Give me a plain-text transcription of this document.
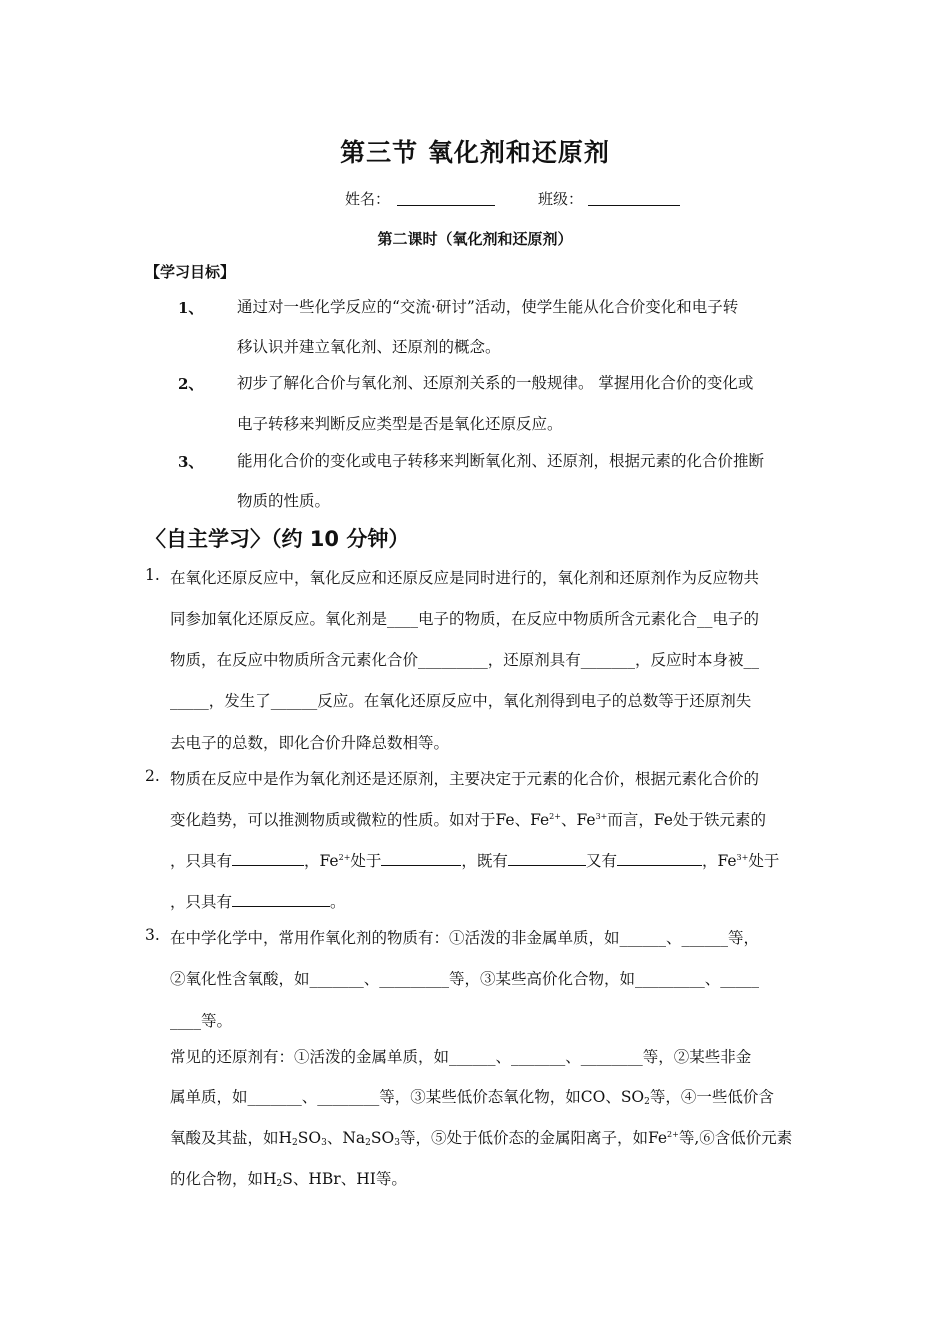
第三节 氧化剂和还原剂
姓名：	班级：
第二课时（氧化剂和还原剂）
【学习目标】
1、 通过对一些化学反应的“交流·研讨”活动，使学生能从化合价变化和电子转
移认识并建立氧化剂、还原剂的概念。
2、 初步了解化合价与氧化剂、还原剂关系的一般规律。 掌握用化合价的变化或
电子转移来判断反应类型是否是氧化还原反应。
3、 能用化合价的变化或电子转移来判断氧化剂、还原剂，根据元素的化合价推断
物质的性质。
〈自主学习〉（约 10 分钟）
1. 在氧化还原反应中，氧化反应和还原反应是同时进行的，氧化剂和还原剂作为反应物共
同参加氧化还原反应。氧化剂是____电子的物质，在反应中物质所含元素化合__电子的
物质，在反应中物质所含元素化合价_________，还原剂具有_______，反应时本身被__
_____，发生了______反应。在氧化还原反应中，氧化剂得到电子的总数等于还原剂失
去电子的总数，即化合价升降总数相等。
2. 物质在反应中是作为氧化剂还是还原剂，主要决定于元素的化合价，根据元素化合价的
变化趋势，可以推测物质或微粒的性质。如对于Fe、$Fe^{2+}$、$Fe^{3+}$而言，Fe处于铁元素的
，只具有	，$Fe^{2+}$处于	，既有	又有	，$Fe^{3+}$处于
，只具有	。
3. 在中学化学中，常用作氧化剂的物质有：①活泼的非金属单质，如______、______等，
②氧化性含氧酸，如_______、_________等，③某些高价化合物，如_________、_____
____等。
常见的还原剂有：①活泼的金属单质，如______、_______、________等，②某些非金
属单质，如_______、________等，③某些低价态氧化物，如CO、$SO_2$等，④一些低价含
氧酸及其盐，如$H_2SO_3$、$Na_2SO_3$等，⑤处于低价态的金属阳离子，如$Fe^{2+}$等,⑥含低价元素
的化合物，如$H_2S$、HBr、HI等。
